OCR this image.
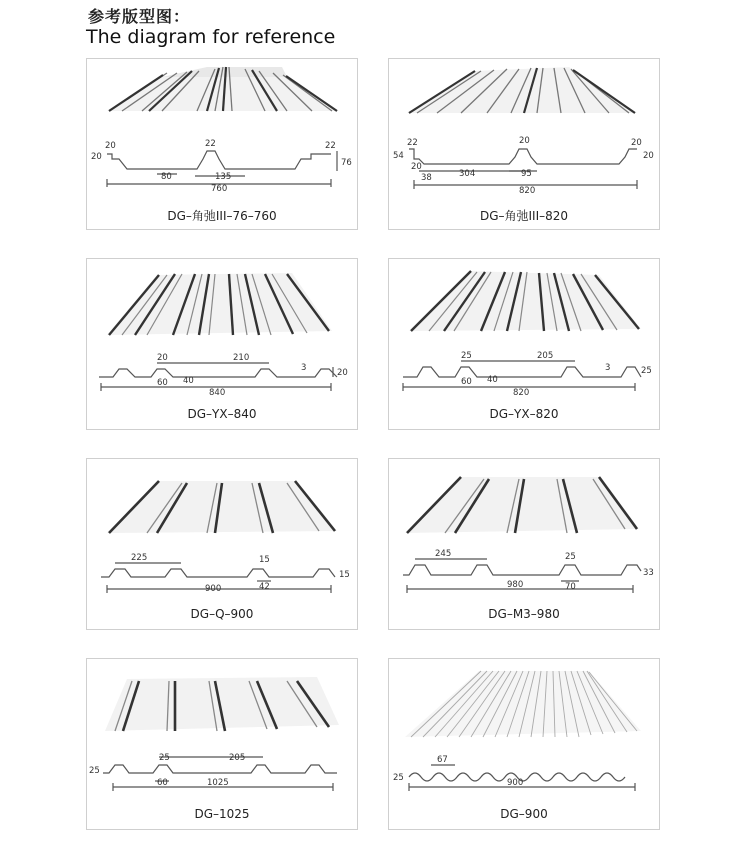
参考版型图：
The diagram for reference
20	22	22
20
76
80	135
760
DG–角弛III–76–760
22	20	20
54	20
20
38	304	95
820
DG–角弛III–820
20	210
3	20
60 40
840
DG–YX–840
25	205
3	25
60 40
820
DG–YX–820
225	15
15
42
900
DG–Q–900
245	25
33
70
980
DG–M3–980
25
25	205
60	1025
DG–1025
25
67
900
DG–900
